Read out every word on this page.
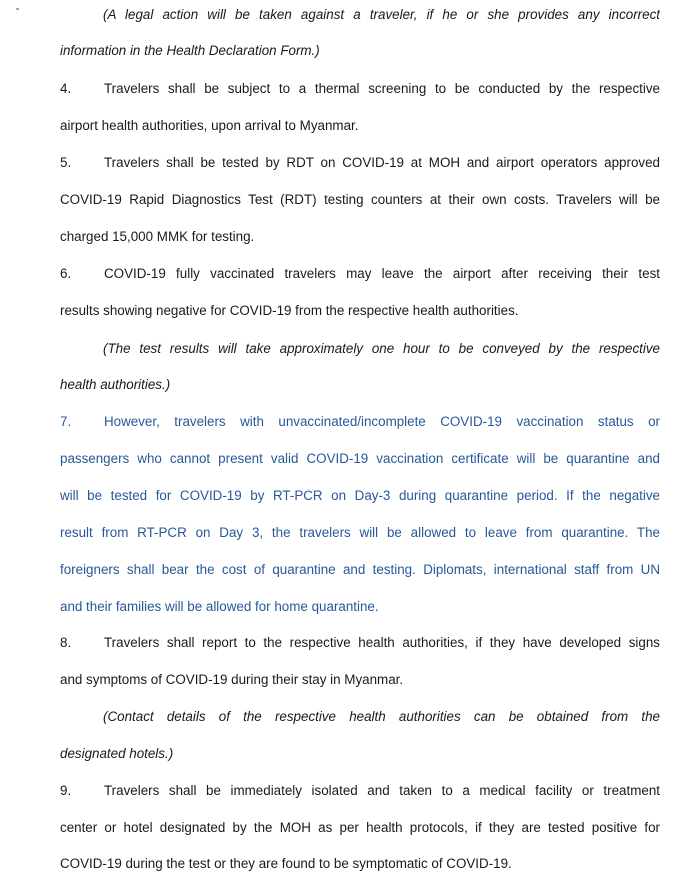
(A legal action will be taken against a traveler, if he or she provides any incorrect
information in the Health Declaration Form.)
4.	Travelers shall be subject to a thermal screening to be conducted by the respective
airport health authorities, upon arrival to Myanmar.
5.	Travelers shall be tested by RDT on COVID-19 at MOH and airport operators approved
COVID-19 Rapid Diagnostics Test (RDT) testing counters at their own costs. Travelers will be
charged 15,000 MMK for testing.
6.	COVID-19 fully vaccinated travelers may leave the airport after receiving their test
results showing negative for COVID-19 from the respective health authorities.
(The test results will take approximately one hour to be conveyed by the respective
health authorities.)
7.	However, travelers with unvaccinated/incomplete COVID-19 vaccination status or
passengers who cannot present valid COVID-19 vaccination certificate will be quarantine and
will be tested for COVID-19 by RT-PCR on Day-3 during quarantine period. If the negative
result from RT-PCR on Day 3, the travelers will be allowed to leave from quarantine. The
foreigners shall bear the cost of quarantine and testing. Diplomats, international staff from UN
and their families will be allowed for home quarantine.
8.	Travelers shall report to the respective health authorities, if they have developed signs
and symptoms of COVID-19 during their stay in Myanmar.
(Contact details of the respective health authorities can be obtained from the
designated hotels.)
9.	Travelers shall be immediately isolated and taken to a medical facility or treatment
center or hotel designated by the MOH as per health protocols, if they are tested positive for
COVID-19 during the test or they are found to be symptomatic of COVID-19.
